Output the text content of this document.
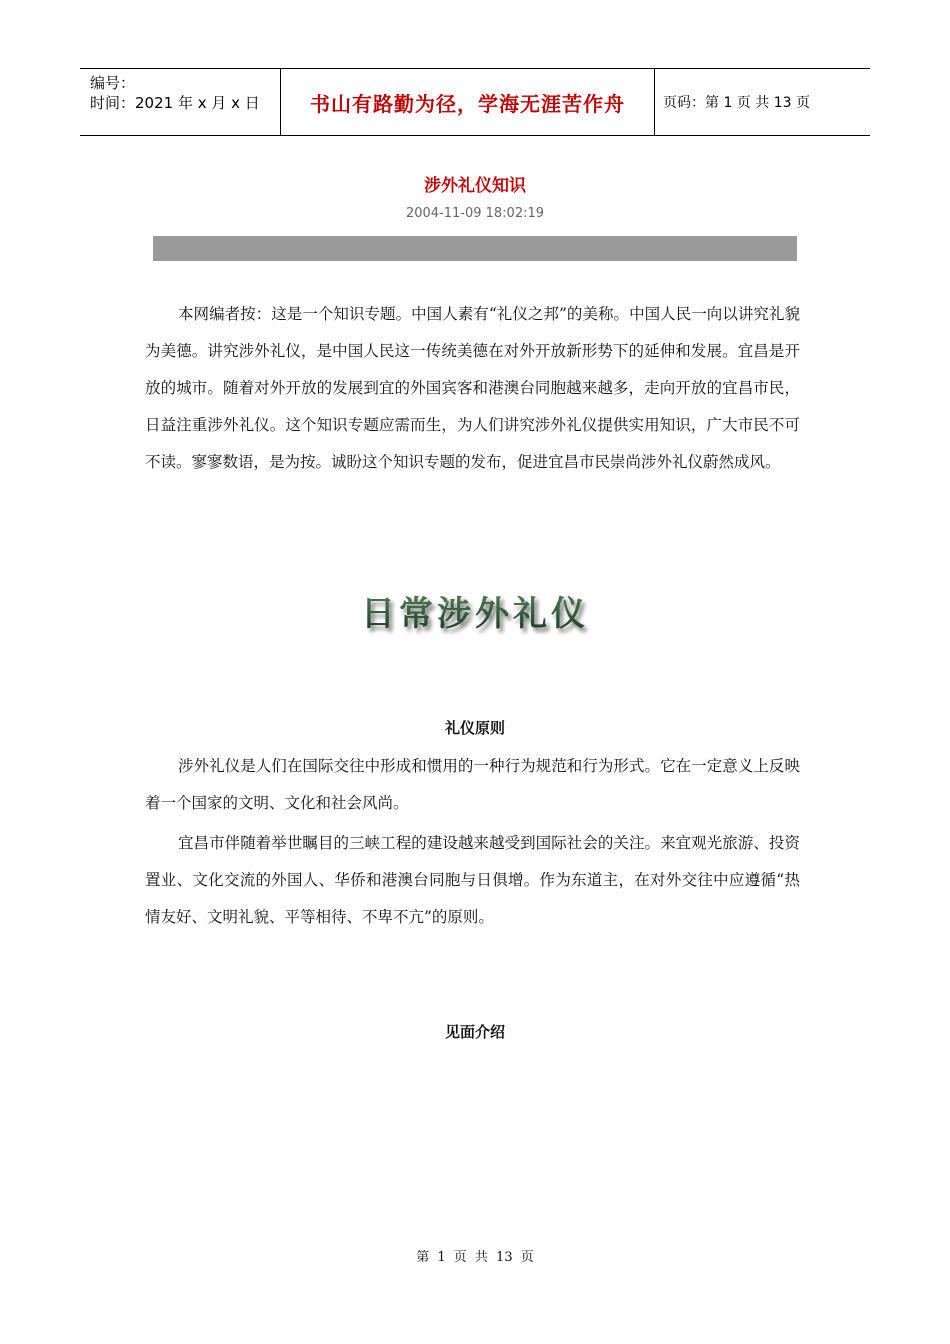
编号：
时间：2021 年 x 月 x 日	书山有路勤为径，学海无涯苦作舟	页码：第 1 页 共 13 页
涉外礼仪知识
2004-11-09 18:02:19

本网编者按：这是一个知识专题。中国人素有“礼仪之邦”的美称。中国人民一向以讲究礼貌为美德。讲究涉外礼仪，是中国人民这一传统美德在对外开放新形势下的延伸和发展。宜昌是开放的城市。随着对外开放的发展到宜的外国宾客和港澳台同胞越来越多，走向开放的宜昌市民，日益注重涉外礼仪。这个知识专题应需而生，为人们讲究涉外礼仪提供实用知识，广大市民不可不读。寥寥数语，是为按。诚盼这个知识专题的发布，促进宜昌市民崇尚涉外礼仪蔚然成风。

日常涉外礼仪
礼仪原则

涉外礼仪是人们在国际交往中形成和惯用的一种行为规范和行为形式。它在一定意义上反映着一个国家的文明、文化和社会风尚。

宜昌市伴随着举世瞩目的三峡工程的建设越来越受到国际社会的关注。来宜观光旅游、投资置业、文化交流的外国人、华侨和港澳台同胞与日俱增。作为东道主，在对外交往中应遵循“热情友好、文明礼貌、平等相待、不卑不亢”的原则。

见面介绍
第 1 页 共 13 页
